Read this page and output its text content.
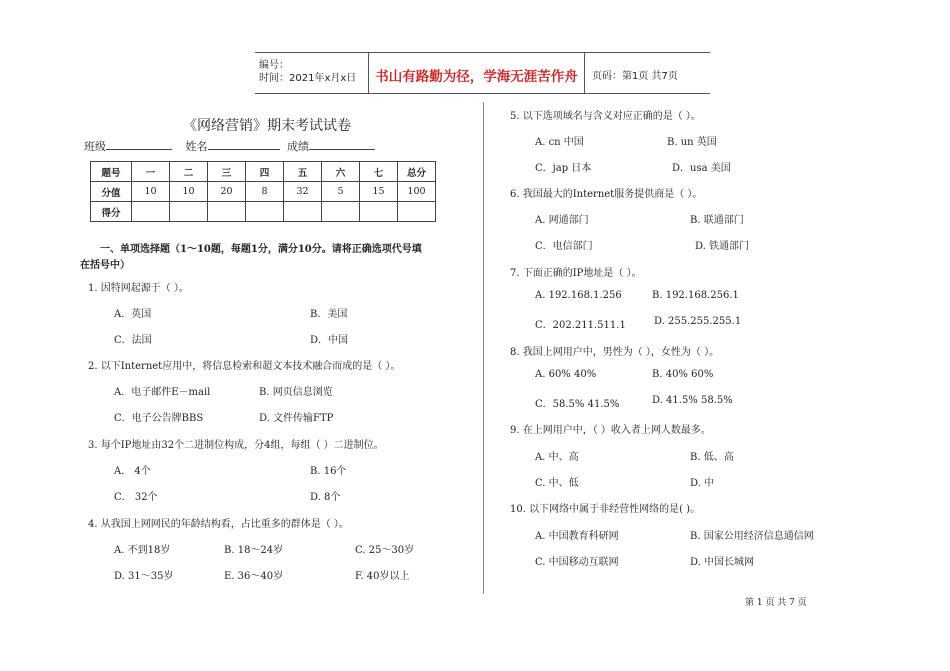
编号：
时间：2021年x月x日	书山有路勤为径，学海无涯苦作舟	页码：第1页 共7页
《网络营销》期末考试试卷
班级	姓名	成绩
题号	一	二	三	四	五	六	七	总分
分值	10	10	20	8	32	5	15	100
得分								
一、单项选择题（1～10题，每题1分，满分10分。请将正确选项代号填
在括号中）
1. 因特网起源于（ ）。
A．英国	B．美国
C．法国	D．中国
2. 以下Internet应用中，将信息检索和超文本技术融合而成的是（ ）。
A．电子邮件E－mail	B. 网页信息浏览
C．电子公告牌BBS	D. 文件传输FTP
3. 每个IP地址由32个二进制位构成，分4组，每组（ ）二进制位。
A． 4个	B. 16个
C． 32个	D. 8个
4. 从我国上网网民的年龄结构看，占比重多的群体是（ ）。
A. 不到18岁	B. 18～24岁	C. 25～30岁
D. 31～35岁	E. 36～40岁	F. 40岁以上
5. 以下选项域名与含义对应正确的是（ ）。
A. cn 中国	B. un 英国
C．jap 日本	D．usa 美国
6. 我国最大的Internet服务提供商是（ ）。
A. 网通部门	B. 联通部门
C．电信部门	D. 铁通部门
7. 下面正确的IP地址是（ ）。
A. 192.168.1.256	B. 192.168.256.1
C．202.211.511.1	D. 255.255.255.1
8. 我国上网用户中，男性为（ ），女性为（ ）。
A. 60% 40%	B. 40% 60%
C．58.5% 41.5%	D. 41.5% 58.5%
9. 在上网用户中，（ ）收入者上网人数最多。
A. 中、高	B. 低、高
C. 中、低	D. 中
10. 以下网络中属于非经营性网络的是( )。
A. 中国教育科研网	B. 国家公用经济信息通信网
C. 中国移动互联网	D. 中国长城网
第 1 页 共 7 页
